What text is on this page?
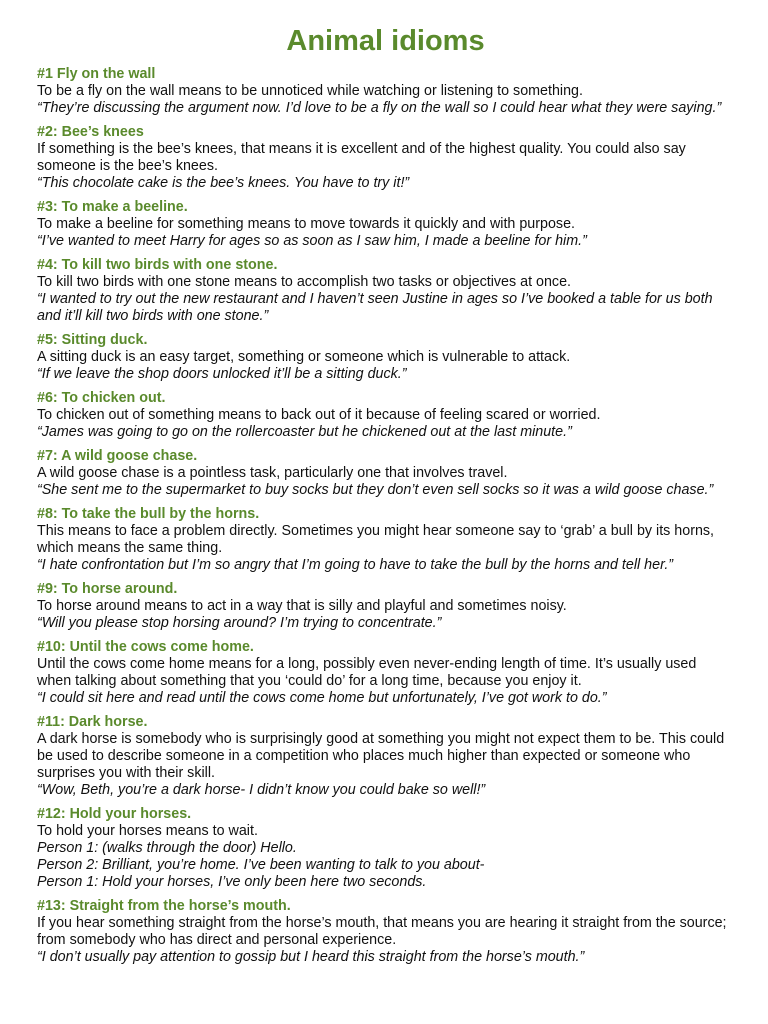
Animal idioms
#1 Fly on the wall
To be a fly on the wall means to be unnoticed while watching or listening to something.
“They’re discussing the argument now. I’d love to be a fly on the wall so I could hear what they were saying.”
#2: Bee’s knees
If something is the bee’s knees, that means it is excellent and of the highest quality. You could also say someone is the bee’s knees.
“This chocolate cake is the bee’s knees. You have to try it!”
#3: To make a beeline.
To make a beeline for something means to move towards it quickly and with purpose.
“I’ve wanted to meet Harry for ages so as soon as I saw him, I made a beeline for him.”
#4: To kill two birds with one stone.
To kill two birds with one stone means to accomplish two tasks or objectives at once.
“I wanted to try out the new restaurant and I haven’t seen Justine in ages so I’ve booked a table for us both and it’ll kill two birds with one stone.”
#5: Sitting duck.
A sitting duck is an easy target, something or someone which is vulnerable to attack.
“If we leave the shop doors unlocked it’ll be a sitting duck.”
#6: To chicken out.
To chicken out of something means to back out of it because of feeling scared or worried.
“James was going to go on the rollercoaster but he chickened out at the last minute.”
#7: A wild goose chase.
A wild goose chase is a pointless task, particularly one that involves travel.
“She sent me to the supermarket to buy socks but they don’t even sell socks so it was a wild goose chase.”
#8: To take the bull by the horns.
This means to face a problem directly. Sometimes you might hear someone say to ‘grab’ a bull by its horns, which means the same thing.
“I hate confrontation but I’m so angry that I’m going to have to take the bull by the horns and tell her.”
#9: To horse around.
To horse around means to act in a way that is silly and playful and sometimes noisy.
“Will you please stop horsing around? I’m trying to concentrate.”
#10: Until the cows come home.
Until the cows come home means for a long, possibly even never-ending length of time. It’s usually used when talking about something that you ‘could do’ for a long time, because you enjoy it.
“I could sit here and read until the cows come home but unfortunately, I’ve got work to do.”
#11: Dark horse.
A dark horse is somebody who is surprisingly good at something you might not expect them to be. This could be used to describe someone in a competition who places much higher than expected or someone who surprises you with their skill.
“Wow, Beth, you’re a dark horse- I didn’t know you could bake so well!”
#12: Hold your horses.
To hold your horses means to wait.
Person 1: (walks through the door) Hello.
Person 2: Brilliant, you’re home. I’ve been wanting to talk to you about-
Person 1: Hold your horses, I’ve only been here two seconds.
#13: Straight from the horse’s mouth.
If you hear something straight from the horse’s mouth, that means you are hearing it straight from the source; from somebody who has direct and personal experience.
“I don’t usually pay attention to gossip but I heard this straight from the horse’s mouth.”
